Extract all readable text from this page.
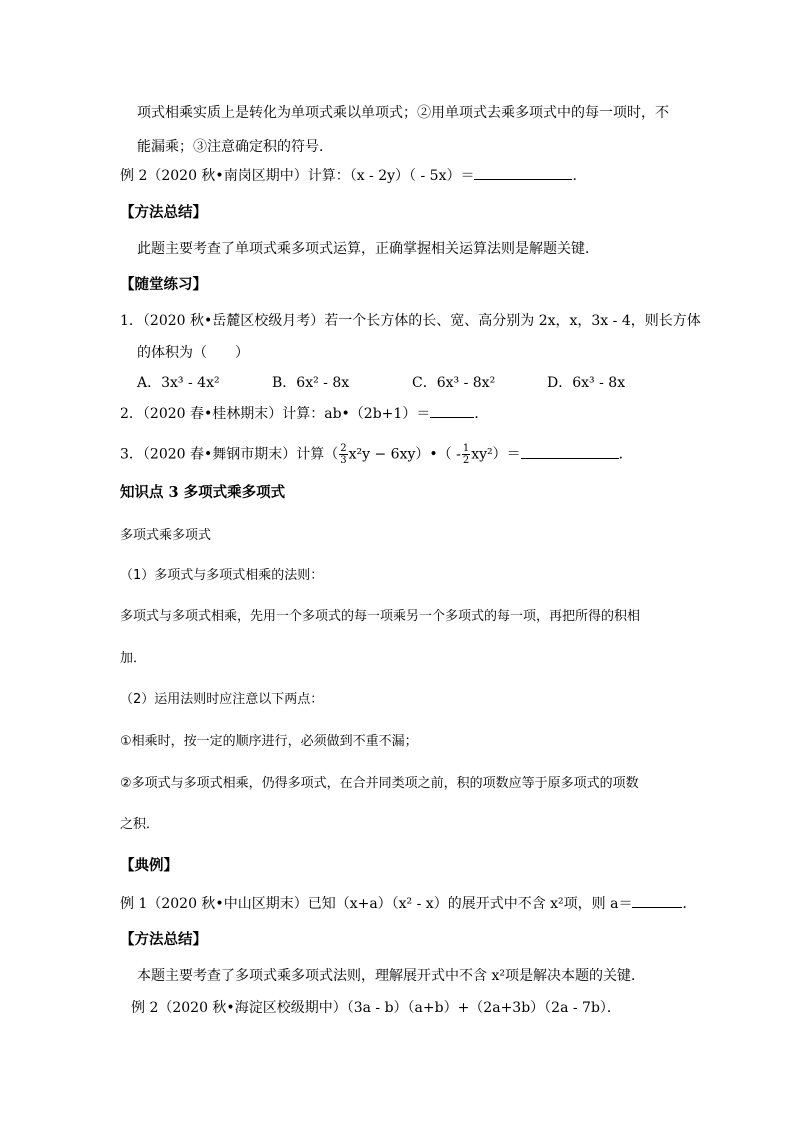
项式相乘实质上是转化为单项式乘以单项式；②用单项式去乘多项式中的每一项时，不
能漏乘；③注意确定积的符号．
例 2（2020 秋•南岗区期中）计算：（x - 2y）（ - 5x）＝	．
【方法总结】
此题主要考查了单项式乘多项式运算，正确掌握相关运算法则是解题关键．
【随堂练习】
1．（2020 秋•岳麓区校级月考）若一个长方体的长、宽、高分别为 2x，x，3x - 4，则长方体
的体积为（　　）
A．3x³ - 4x²	B．6x² - 8x	C．6x³ - 8x²	D．6x³ - 8x
2．（2020 春•桂林期末）计算：ab•（2b+1）＝	．
3．（2020 春•舞钢市期末）计算（ $\frac{2}{3} x^2y$ − 6xy）•（ - $\frac{1}{2} xy^2)=$	．
知识点 3 多项式乘多项式
多项式乘多项式
（1）多项式与多项式相乘的法则：
多项式与多项式相乘，先用一个多项式的每一项乘另一个多项式的每一项，再把所得的积相
加．
（2）运用法则时应注意以下两点：
①相乘时，按一定的顺序进行，必须做到不重不漏；
②多项式与多项式相乘，仍得多项式，在合并同类项之前，积的项数应等于原多项式的项数
之积．
【典例】
例 1（2020 秋•中山区期末）已知（x+a）（x² - x）的展开式中不含 x²项，则 a＝	．
【方法总结】
本题主要考查了多项式乘多项式法则，理解展开式中不含 x²项是解决本题的关键．
例 2（2020 秋•海淀区校级期中）（3a - b）（a+b）+（2a+3b）（2a - 7b）．
